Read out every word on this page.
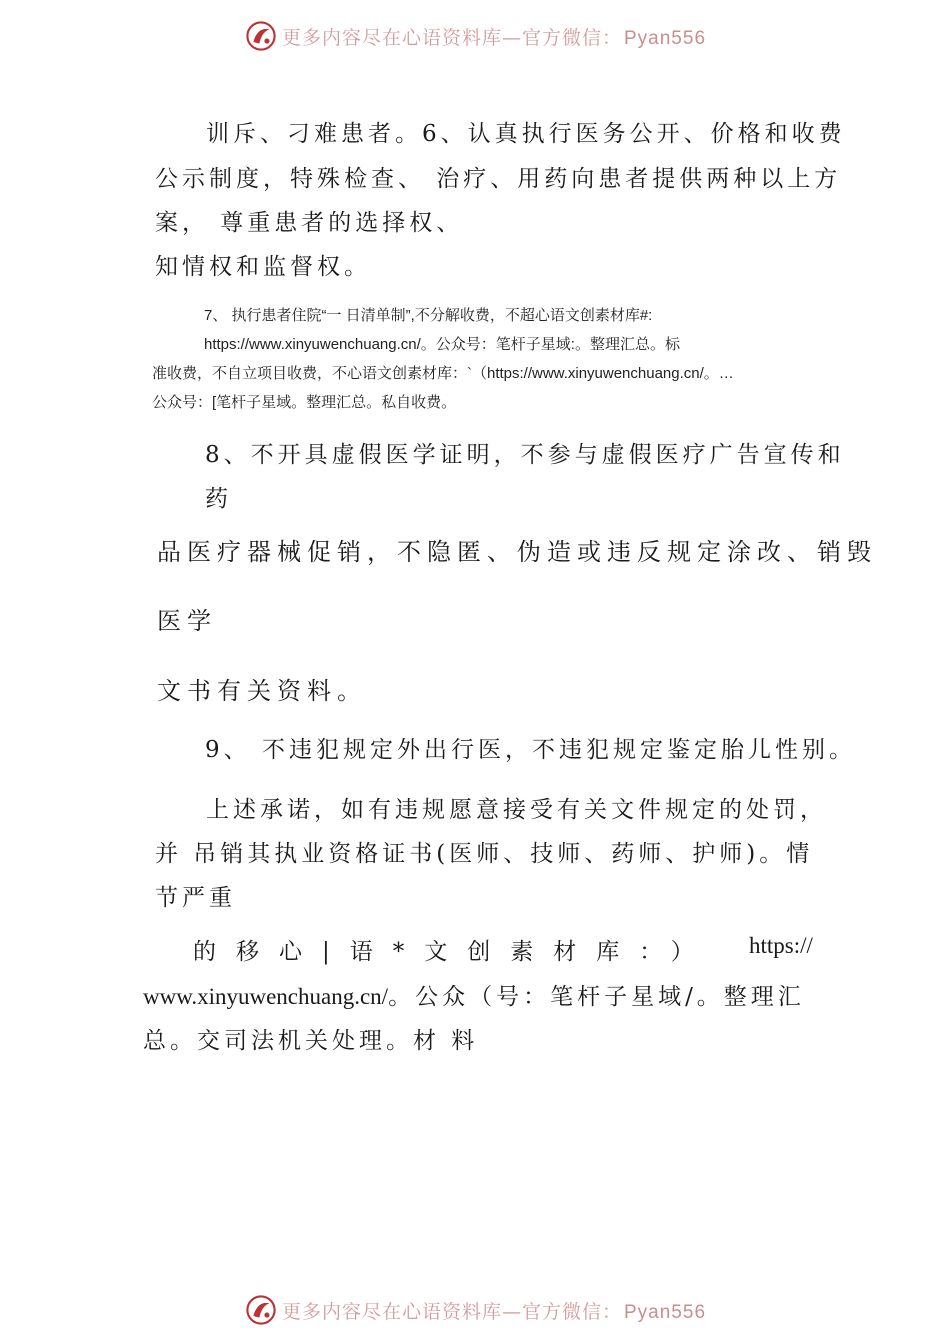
更多内容尽在心语资料库—官方微信： Pyan556
训斥、刁难患者。6、认真执行医务公开、价格和收费
公示制度，特殊检查、 治疗、用药向患者提供两种以上方
案， 尊重患者的选择权、
知情权和监督权。
7、 执行患者住院“一 日清单制”,不分解收费，不超心语文创素材库#:
https://www.xinyuwenchuang.cn/。公众号：笔杆子星域:。整理汇总。标
准收费，不自立项目收费，不心语文创素材库：`（https://www.xinyuwenchuang.cn/。…
公众号：[笔杆子星域。整理汇总。私自收费。
8、不开具虚假医学证明，不参与虚假医疗广告宣传和
药
品医疗器械促销，不隐匿、伪造或违反规定涂改、销毁
医学
文书有关资料。
9、 不违犯规定外出行医，不违犯规定鉴定胎儿性别。
上述承诺，如有违规愿意接受有关文件规定的处罚，
并 吊销其执业资格证书(医师、技师、药师、护师)。情
节严重
的移心|语*文创素材库：） https://
www.xinyuwenchuang.cn/。公众（号：笔杆子星域/。整理汇
总。交司法机关处理。材 料
更多内容尽在心语资料库—官方微信： Pyan556
